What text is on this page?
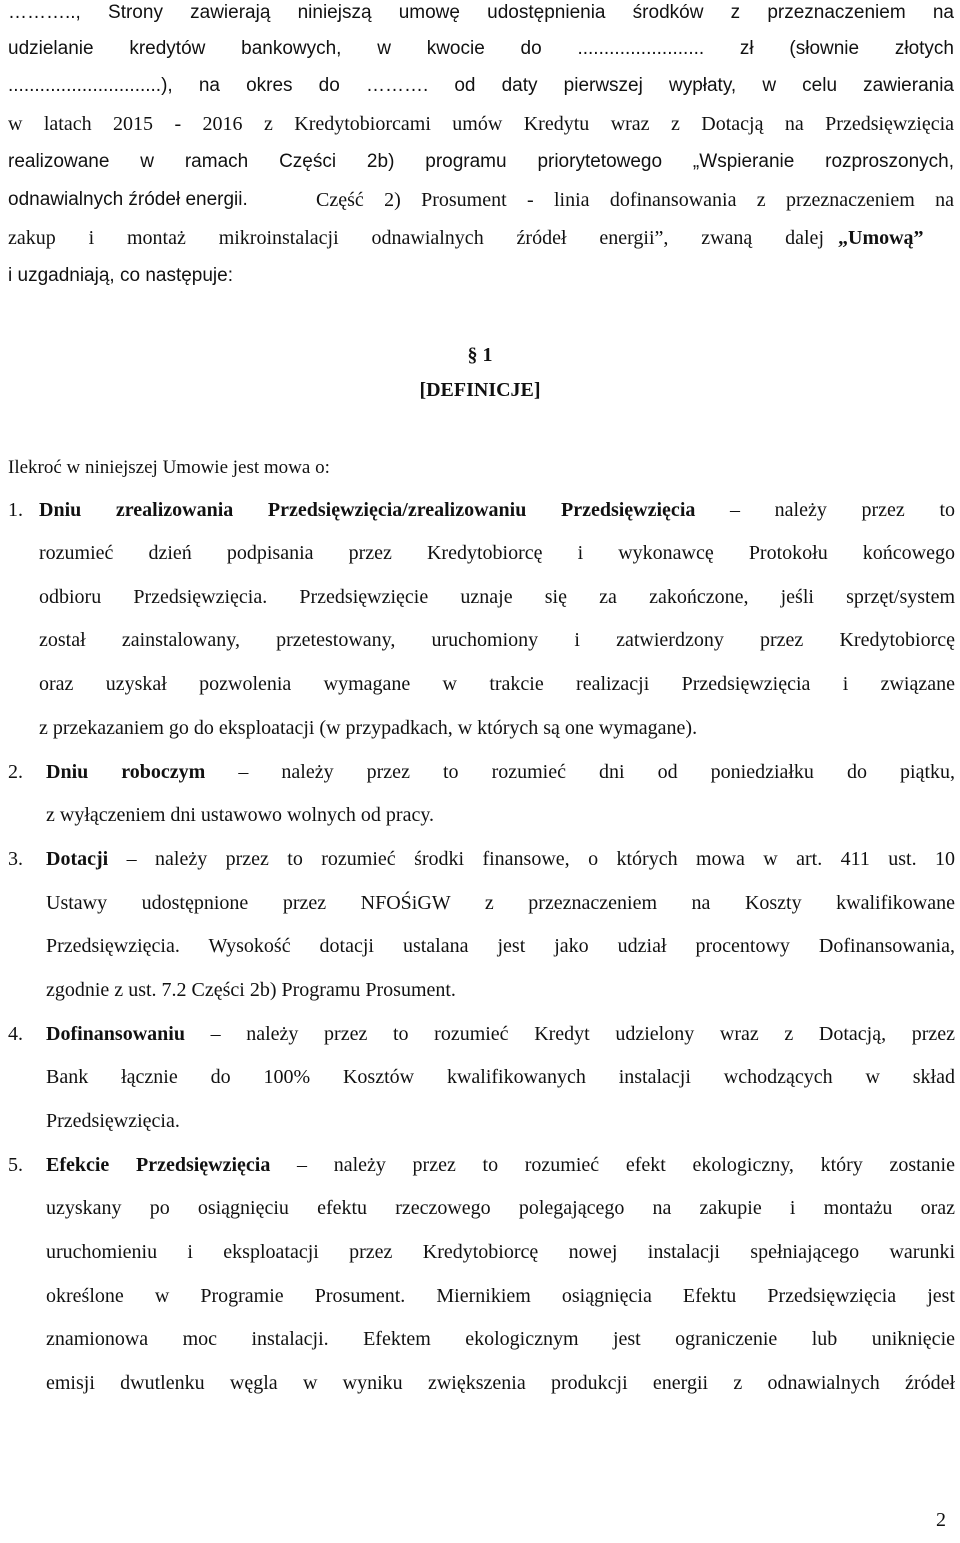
……….., Strony zawierają niniejszą umowę udostępnienia środków z przeznaczeniem na
udzielanie kredytów bankowych, w kwocie do ........................ zł (słownie złotych
.............................), na okres do ………. od daty pierwszej wypłaty, w celu zawierania
w latach 2015 - 2016 z Kredytobiorcami umów Kredytu wraz z Dotacją na Przedsięwzięcia
realizowane w ramach Części 2b) programu priorytetowego „Wspieranie rozproszonych,
odnawialnych źródeł energii.	Część 2) Prosument - linia dofinansowania z przeznaczeniem na
zakup i montaż mikroinstalacji odnawialnych źródeł energii”, zwaną dalej „Umową”
i uzgadniają, co następuje:
§ 1
[DEFINICJE]
Ilekroć w niniejszej Umowie jest mowa o:
1. Dniu zrealizowania Przedsięwzięcia/zrealizowaniu Przedsięwzięcia – należy przez to
rozumieć dzień podpisania przez Kredytobiorcę i wykonawcę Protokołu końcowego
odbioru Przedsięwzięcia. Przedsięwzięcie uznaje się za zakończone, jeśli sprzęt/system
został zainstalowany, przetestowany, uruchomiony i zatwierdzony przez Kredytobiorcę
oraz uzyskał pozwolenia wymagane w trakcie realizacji Przedsięwzięcia i związane
z przekazaniem go do eksploatacji (w przypadkach, w których są one wymagane).
2. Dniu roboczym – należy przez to rozumieć dni od poniedziałku do piątku,
z wyłączeniem dni ustawowo wolnych od pracy.
3. Dotacji – należy przez to rozumieć środki finansowe, o których mowa w art. 411 ust. 10
Ustawy udostępnione przez NFOŚiGW z przeznaczeniem na Koszty kwalifikowane
Przedsięwzięcia. Wysokość dotacji ustalana jest jako udział procentowy Dofinansowania,
zgodnie z ust. 7.2 Części 2b) Programu Prosument.
4. Dofinansowaniu – należy przez to rozumieć Kredyt udzielony wraz z Dotacją, przez
Bank łącznie do 100% Kosztów kwalifikowanych instalacji wchodzących w skład
Przedsięwzięcia.
5. Efekcie Przedsięwzięcia – należy przez to rozumieć efekt ekologiczny, który zostanie
uzyskany po osiągnięciu efektu rzeczowego polegającego na zakupie i montażu oraz
uruchomieniu i eksploatacji przez Kredytobiorcę nowej instalacji spełniającego warunki
określone w Programie Prosument. Miernikiem osiągnięcia Efektu Przedsięwzięcia jest
znamionowa moc instalacji. Efektem ekologicznym jest ograniczenie lub uniknięcie
emisji dwutlenku węgla w wyniku zwiększenia produkcji energii z odnawialnych źródeł
2
